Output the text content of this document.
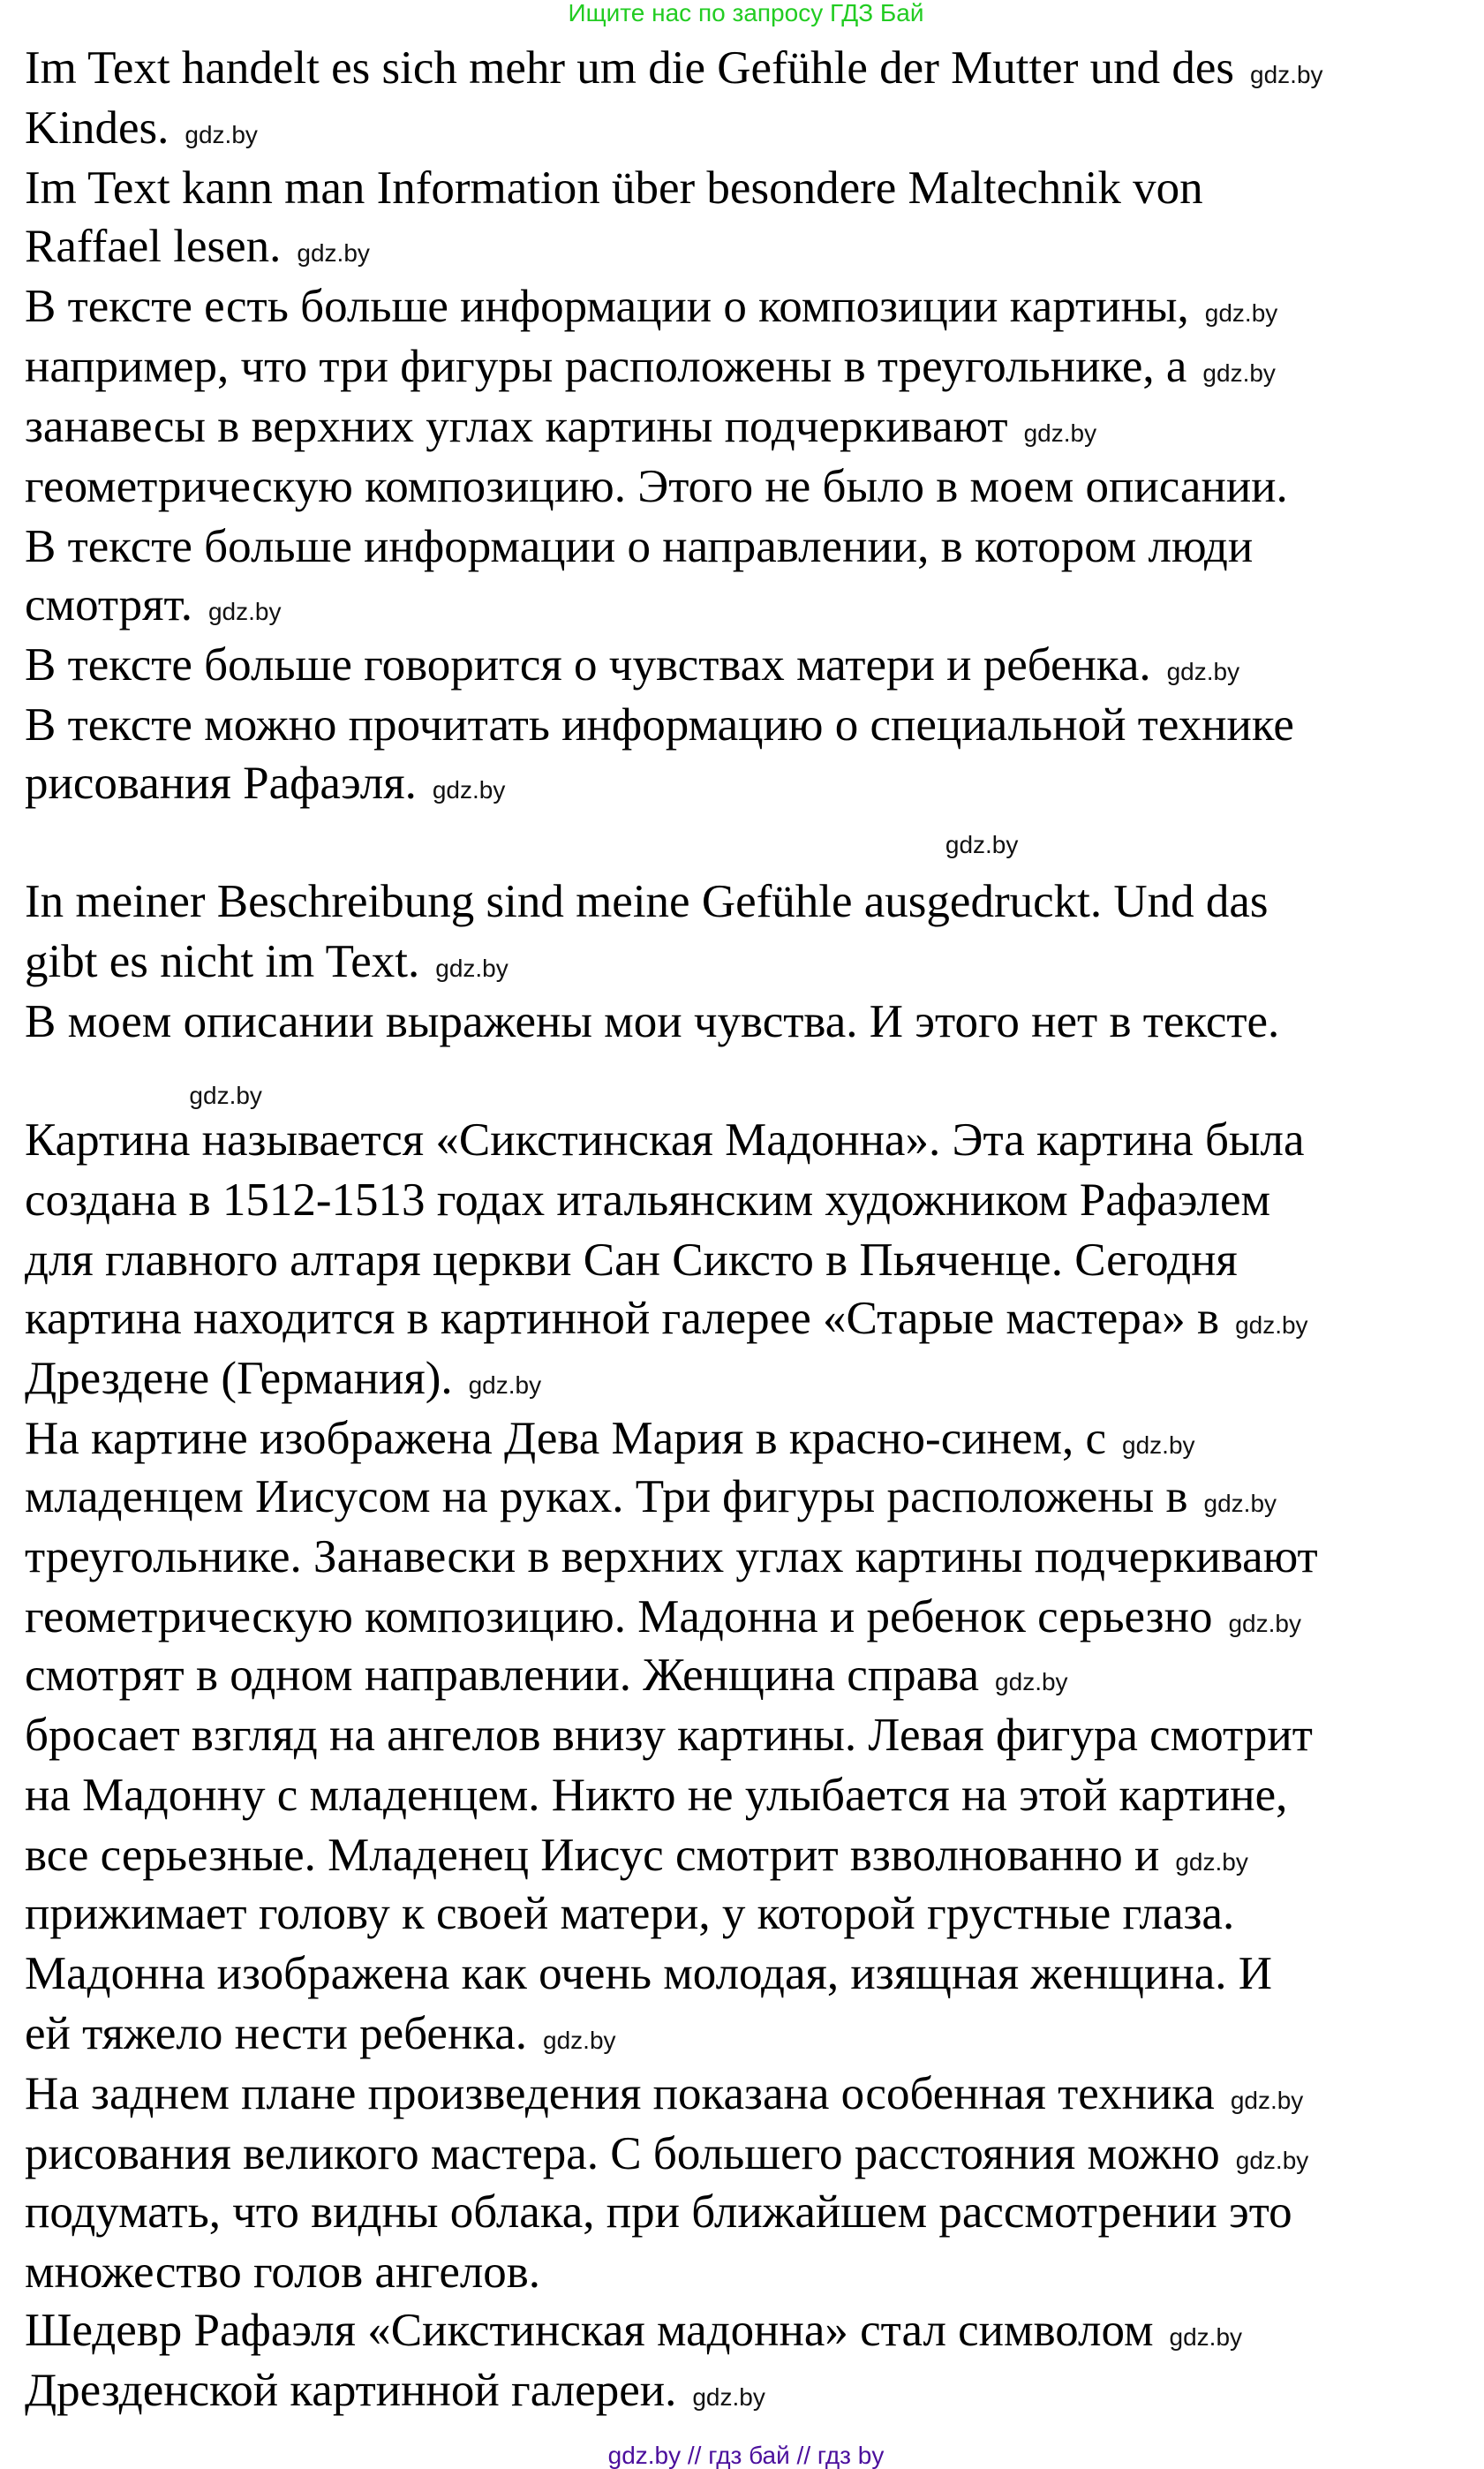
Ищите нас по запросу ГДЗ Бай
Im Text handelt es sich mehr um die Gefühle der Mutter und des gdz.by
Kindes. gdz.by
Im Text kann man Information über besondere Maltechnik von
Raffael lesen. gdz.by
В тексте есть больше информации о композиции картины, gdz.by
например, что три фигуры расположены в треугольнике, а gdz.by
занавесы в верхних углах картины подчеркивают gdz.by
геометрическую композицию. Этого не было в моем описании.
В тексте больше информации о направлении, в котором люди
смотрят. gdz.by
В тексте больше говорится о чувствах матери и ребенка. gdz.by
В тексте можно прочитать информацию о специальной технике
рисования Рафаэля. gdz.by
In meiner Beschreibung sind meine Gefühle ausgedruckt. Und das
gibt es nicht im Text. gdz.by
В моем описании выражены мои чувства. И этого нет в тексте.
Картина называется «Сикстинская Мадонна». Эта картина была
создана в 1512-1513 годах итальянским художником Рафаэлем
для главного алтаря церкви Сан Сиксто в Пьяченце. Сегодня
картина находится в картинной галерее «Старые мастера» в gdz.by
Дрездене (Германия). gdz.by
На картине изображена Дева Мария в красно-синем, с gdz.by
младенцем Иисусом на руках. Три фигуры расположены в gdz.by
треугольнике. Занавески в верхних углах картины подчеркивают
геометрическую композицию. Мадонна и ребенок серьезно gdz.by
смотрят в одном направлении. Женщина справа gdz.by
бросает взгляд на ангелов внизу картины. Левая фигура смотрит
на Мадонну с младенцем. Никто не улыбается на этой картине,
все серьезные. Младенец Иисус смотрит взволнованно и gdz.by
прижимает голову к своей матери, у которой грустные глаза.
Мадонна изображена как очень молодая, изящная женщина. И
ей тяжело нести ребенка. gdz.by
На заднем плане произведения показана особенная техника gdz.by
рисования великого мастера. С большего расстояния можно gdz.by
подумать, что видны облака, при ближайшем рассмотрении это
множество голов ангелов.
Шедевр Рафаэля «Сикстинская мадонна» стал символом gdz.by
Дрезденской картинной галереи. gdz.by
gdz.by
gdz.by
gdz.by // гдз бай // гдз by
